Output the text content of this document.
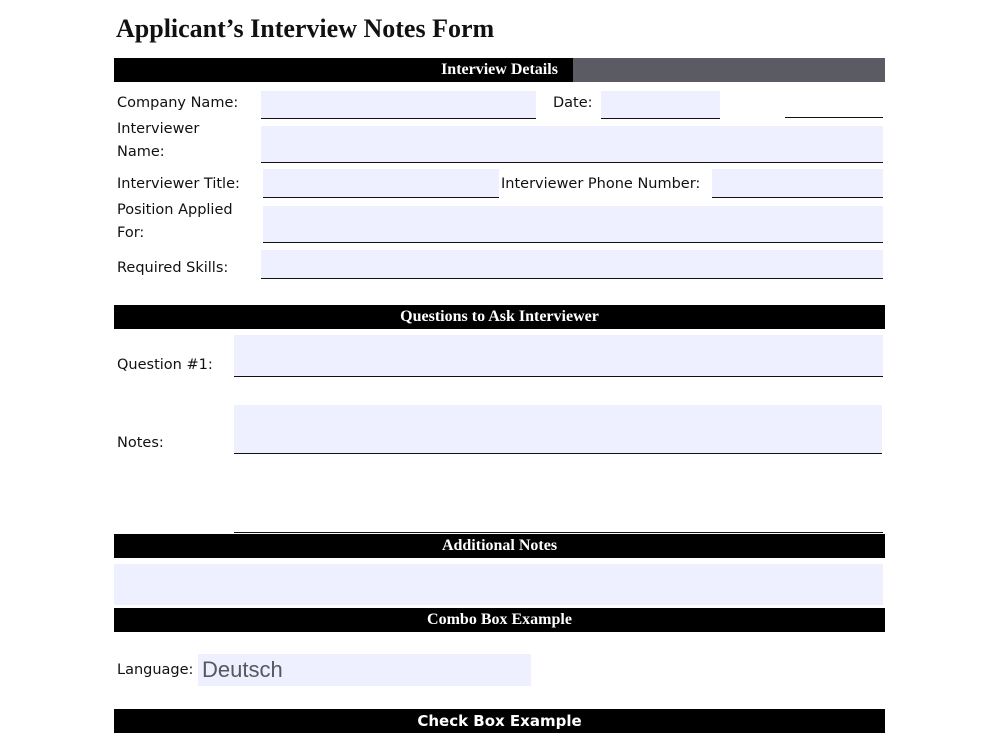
Applicant’s Interview Notes Form
Interview Details
Company Name:	Date:
Interviewer
Name:
Interviewer Title:	Interviewer Phone Number:
Position Applied
For:
Required Skills:
Questions to Ask Interviewer
Question #1:
Notes:
Additional Notes
Combo Box Example
Language: Deutsch
Check Box Example
